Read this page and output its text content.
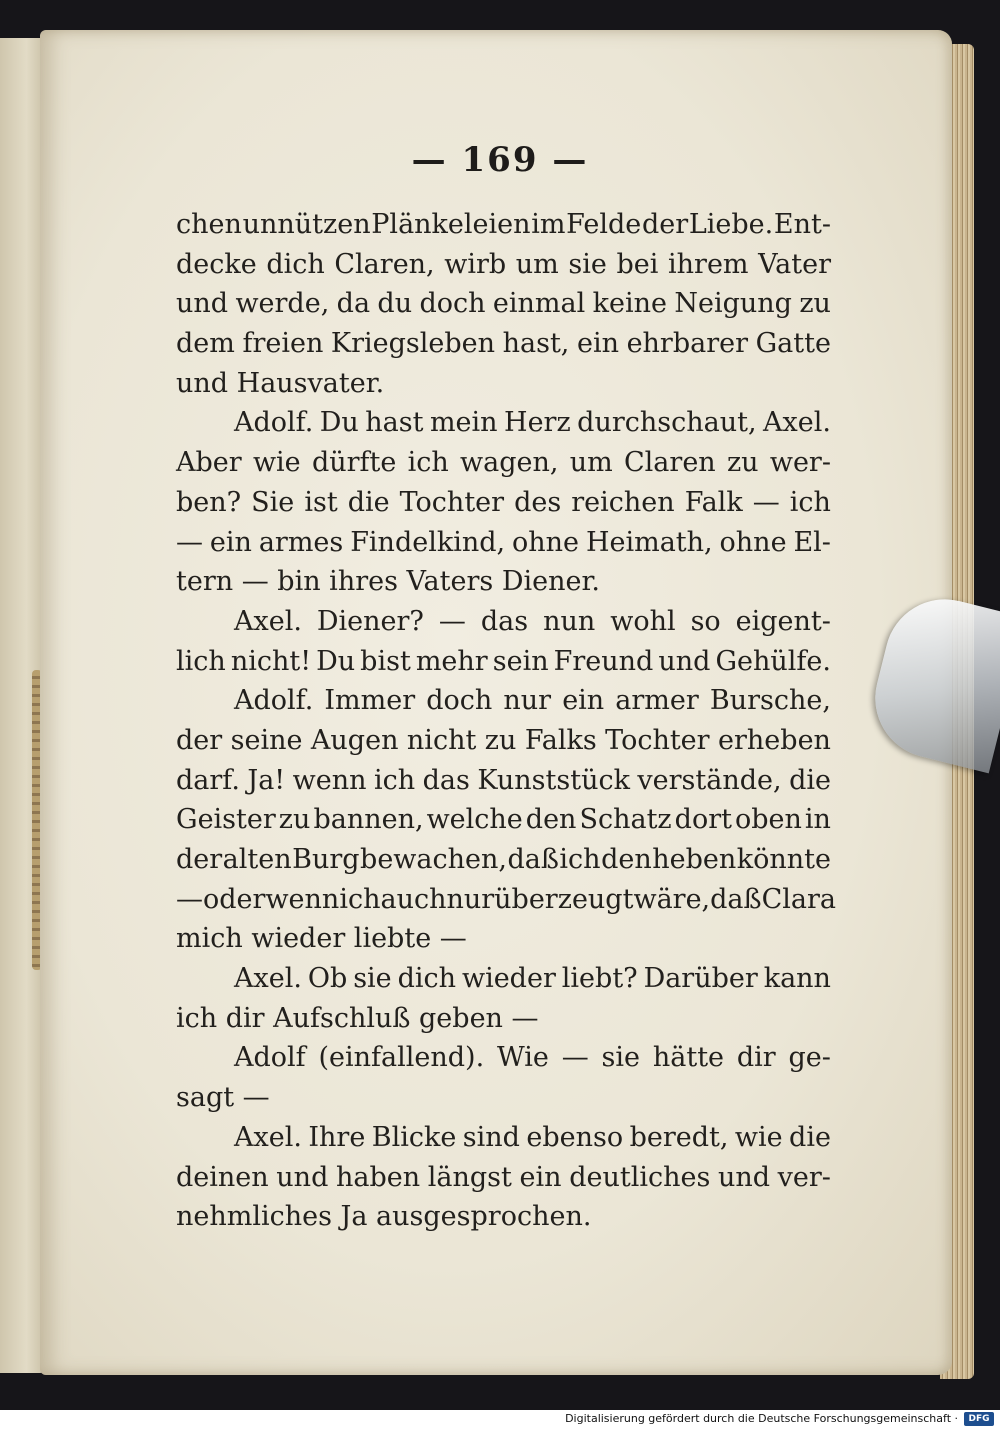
— 169 —
chen unnützen Plänkeleien im Felde der Liebe. Ent-
decke dich Claren, wirb um sie bei ihrem Vater
und werde, da du doch einmal keine Neigung zu
dem freien Kriegsleben hast, ein ehrbarer Gatte
und Hausvater.
Adolf. Du hast mein Herz durchschaut, Axel.
Aber wie dürfte ich wagen, um Claren zu wer-
ben? Sie ist die Tochter des reichen Falk — ich
— ein armes Findelkind, ohne Heimath, ohne El-
tern — bin ihres Vaters Diener.
Axel. Diener? — das nun wohl so eigent-
lich nicht! Du bist mehr sein Freund und Gehülfe.
Adolf. Immer doch nur ein armer Bursche,
der seine Augen nicht zu Falks Tochter erheben
darf. Ja! wenn ich das Kunststück verstände, die
Geister zu bannen, welche den Schatz dort oben in
der alten Burg bewachen, daß ich den heben könnte
— oder wenn ich auch nur überzeugt wäre, daß Clara
mich wieder liebte —
Axel. Ob sie dich wieder liebt? Darüber kann
ich dir Aufschluß geben —
Adolf (einfallend). Wie — sie hätte dir ge-
sagt —
Axel. Ihre Blicke sind ebenso beredt, wie die
deinen und haben längst ein deutliches und ver-
nehmliches Ja ausgesprochen.
Digitalisierung gefördert durch die Deutsche Forschungsgemeinschaft ·	DFG
